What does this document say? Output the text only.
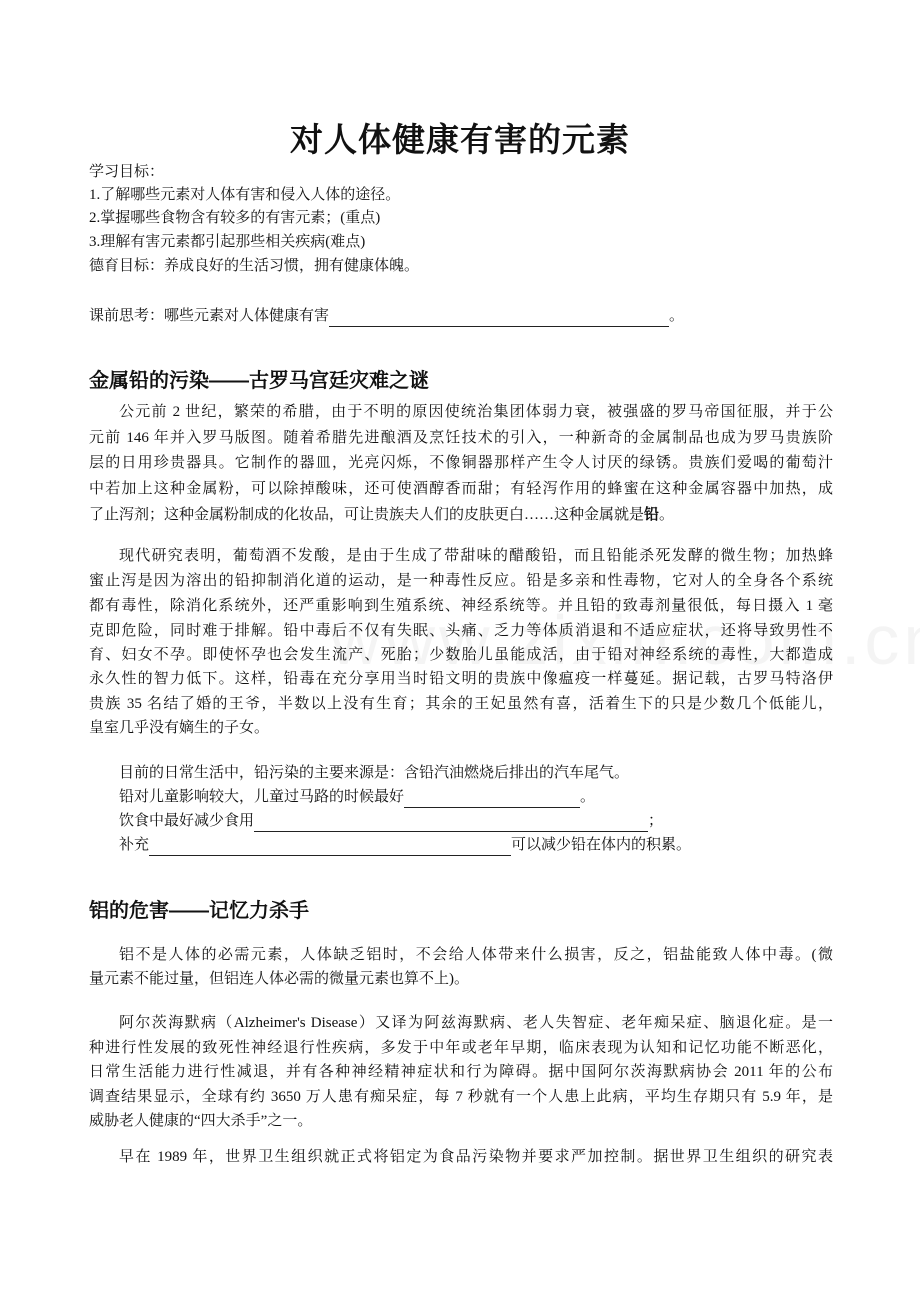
对人体健康有害的元素
学习目标：
1.了解哪些元素对人体有害和侵入人体的途径。
2.掌握哪些食物含有较多的有害元素；(重点)
3.理解有害元素都引起那些相关疾病(难点)
德育目标：养成良好的生活习惯，拥有健康体魄。
课前思考：哪些元素对人体健康有害	。
金属铅的污染——古罗马宫廷灾难之谜
公元前 2 世纪，繁荣的希腊，由于不明的原因使统治集团体弱力衰，被强盛的罗马帝国征服，并于公
元前 146 年并入罗马版图。随着希腊先进酿酒及烹饪技术的引入，一种新奇的金属制品也成为罗马贵族阶
层的日用珍贵器具。它制作的器皿，光亮闪烁，不像铜器那样产生令人讨厌的绿锈。贵族们爱喝的葡萄汁
中若加上这种金属粉，可以除掉酸味，还可使酒醇香而甜；有轻泻作用的蜂蜜在这种金属容器中加热，成
了止泻剂；这种金属粉制成的化妆品，可让贵族夫人们的皮肤更白……这种金属就是铅。
现代研究表明，葡萄酒不发酸，是由于生成了带甜味的醋酸铅，而且铅能杀死发酵的微生物；加热蜂
蜜止泻是因为溶出的铅抑制消化道的运动，是一种毒性反应。铅是多亲和性毒物，它对人的全身各个系统
都有毒性，除消化系统外，还严重影响到生殖系统、神经系统等。并且铅的致毒剂量很低，每日摄入 1 毫
克即危险，同时难于排解。铅中毒后不仅有失眠、头痛、乏力等体质消退和不适应症状，还将导致男性不
育、妇女不孕。即使怀孕也会发生流产、死胎；少数胎儿虽能成活，由于铅对神经系统的毒性，大都造成
永久性的智力低下。这样，铅毒在充分享用当时铅文明的贵族中像瘟疫一样蔓延。据记载，古罗马特洛伊
贵族 35 名结了婚的王爷，半数以上没有生育；其余的王妃虽然有喜，活着生下的只是少数几个低能儿，
皇室几乎没有嫡生的子女。
目前的日常生活中，铅污染的主要来源是：含铅汽油燃烧后排出的汽车尾气。
铅对儿童影响较大，儿童过马路的时候最好	。
饮食中最好减少食用	；
补充	可以减少铅在体内的积累。
铝的危害——记忆力杀手
铝不是人体的必需元素，人体缺乏铝时，不会给人体带来什么损害，反之，铝盐能致人体中毒。(微
量元素不能过量，但铝连人体必需的微量元素也算不上)。
阿尔茨海默病（Alzheimer's Disease）又译为阿兹海默病、老人失智症、老年痴呆症、脑退化症。是一
种进行性发展的致死性神经退行性疾病，多发于中年或老年早期，临床表现为认知和记忆功能不断恶化，
日常生活能力进行性减退，并有各种神经精神症状和行为障碍。据中国阿尔茨海默病协会 2011 年的公布
调查结果显示，全球有约 3650 万人患有痴呆症，每 7 秒就有一个人患上此病，平均生存期只有 5.9 年，是
威胁老人健康的“四大杀手”之一。
早在 1989 年，世界卫生组织就正式将铝定为食品污染物并要求严加控制。据世界卫生组织的研究表
